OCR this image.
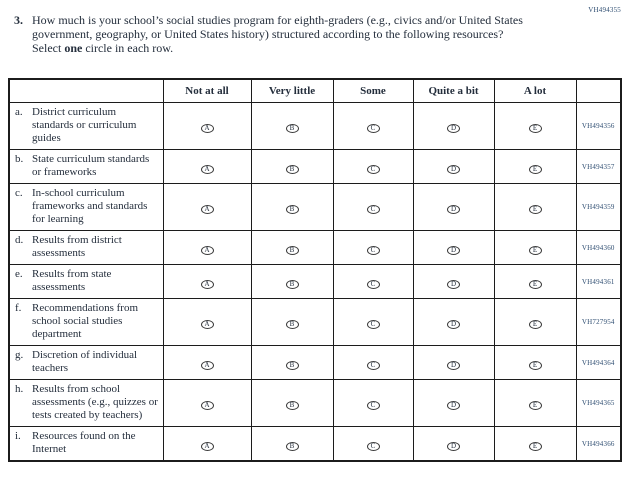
VH494355
3. How much is your school’s social studies program for eighth-graders (e.g., civics and/or United States government, geography, or United States history) structured according to the following resources? Select one circle in each row.
	Not at all	Very little	Some	Quite a bit	A lot	

a. District curriculum standards or curriculum guides	A	B	C	D	E	VH494356

b. State curriculum standards or frameworks	A	B	C	D	E	VH494357

c. In-school curriculum frameworks and standards for learning	A	B	C	D	E	VH494359

d. Results from district assessments	A	B	C	D	E	VH494360

e. Results from state assessments	A	B	C	D	E	VH494361

f. Recommendations from school social studies department	A	B	C	D	E	VH727954

g. Discretion of individual teachers	A	B	C	D	E	VH494364

h. Results from school assessments (e.g., quizzes or tests created by teachers)	A	B	C	D	E	VH494365

i. Resources found on the Internet	A	B	C	D	E	VH494366
